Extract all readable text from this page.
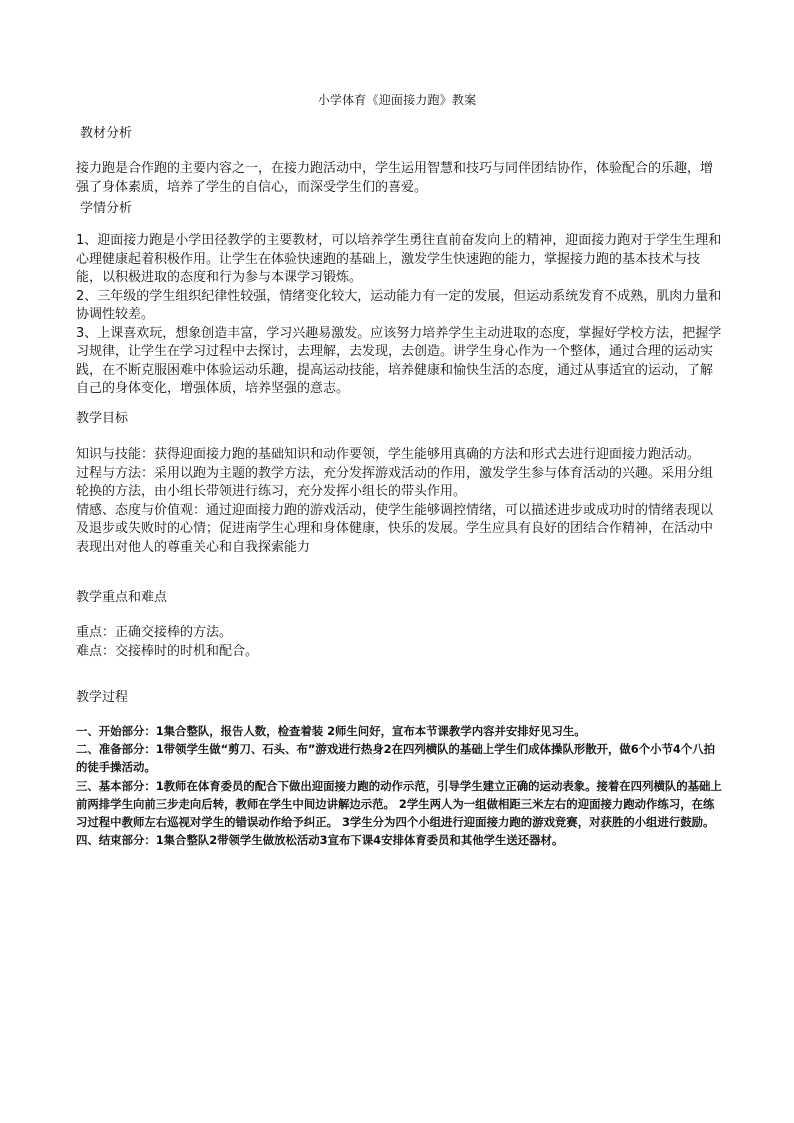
小学体育《迎面接力跑》教案
教材分析

接力跑是合作跑的主要内容之一，在接力跑活动中，学生运用智慧和技巧与同伴团结协作，体验配合的乐趣，增强了身体素质，培养了学生的自信心，而深受学生们的喜爱。

学情分析

1、迎面接力跑是小学田径教学的主要教材，可以培养学生勇往直前奋发向上的精神，迎面接力跑对于学生生理和心理健康起着积极作用。让学生在体验快速跑的基础上，激发学生快速跑的能力，掌握接力跑的基本技术与技能，以积极进取的态度和行为参与本课学习锻炼。

2、三年级的学生组织纪律性较强，情绪变化较大，运动能力有一定的发展，但运动系统发育不成熟，肌肉力量和协调性较差。

3、上课喜欢玩，想象创造丰富，学习兴趣易激发。应该努力培养学生主动进取的态度，掌握好学校方法，把握学习规律，让学生在学习过程中去探讨，去理解，去发现，去创造。讲学生身心作为一个整体，通过合理的运动实践，在不断克服困难中体验运动乐趣，提高运动技能，培养健康和愉快生活的态度，通过从事适宜的运动，了解自己的身体变化，增强体质，培养坚强的意志。

教学目标

知识与技能：获得迎面接力跑的基础知识和动作要领，学生能够用真确的方法和形式去进行迎面接力跑活动。

过程与方法：采用以跑为主题的教学方法，充分发挥游戏活动的作用，激发学生参与体育活动的兴趣。采用分组轮换的方法，由小组长带领进行练习，充分发挥小组长的带头作用。

情感、态度与价值观：通过迎面接力跑的游戏活动，使学生能够调控情绪，可以描述进步或成功时的情绪表现以及退步或失败时的心情；促进南学生心理和身体健康，快乐的发展。学生应具有良好的团结合作精神，在活动中表现出对他人的尊重关心和自我探索能力

教学重点和难点

重点：正确交接棒的方法。

难点：交接棒时的时机和配合。

教学过程

一、开始部分：1集合整队，报告人数，检查着装 2师生问好，宣布本节课教学内容并安排好见习生。

二、准备部分：1带领学生做“剪刀、石头、布”游戏进行热身2在四列横队的基础上学生们成体操队形散开，做6个小节4个八拍的徒手操活动。

三、基本部分：1教师在体育委员的配合下做出迎面接力跑的动作示范，引导学生建立正确的运动表象。接着在四列横队的基础上前两排学生向前三步走向后转，教师在学生中间边讲解边示范。 2学生两人为一组做相距三米左右的迎面接力跑动作练习，在练习过程中教师左右巡视对学生的错误动作给予纠正。 3学生分为四个小组进行迎面接力跑的游戏竞赛，对获胜的小组进行鼓励。

四、结束部分：1集合整队2带领学生做放松活动3宣布下课4安排体育委员和其他学生送还器材。
